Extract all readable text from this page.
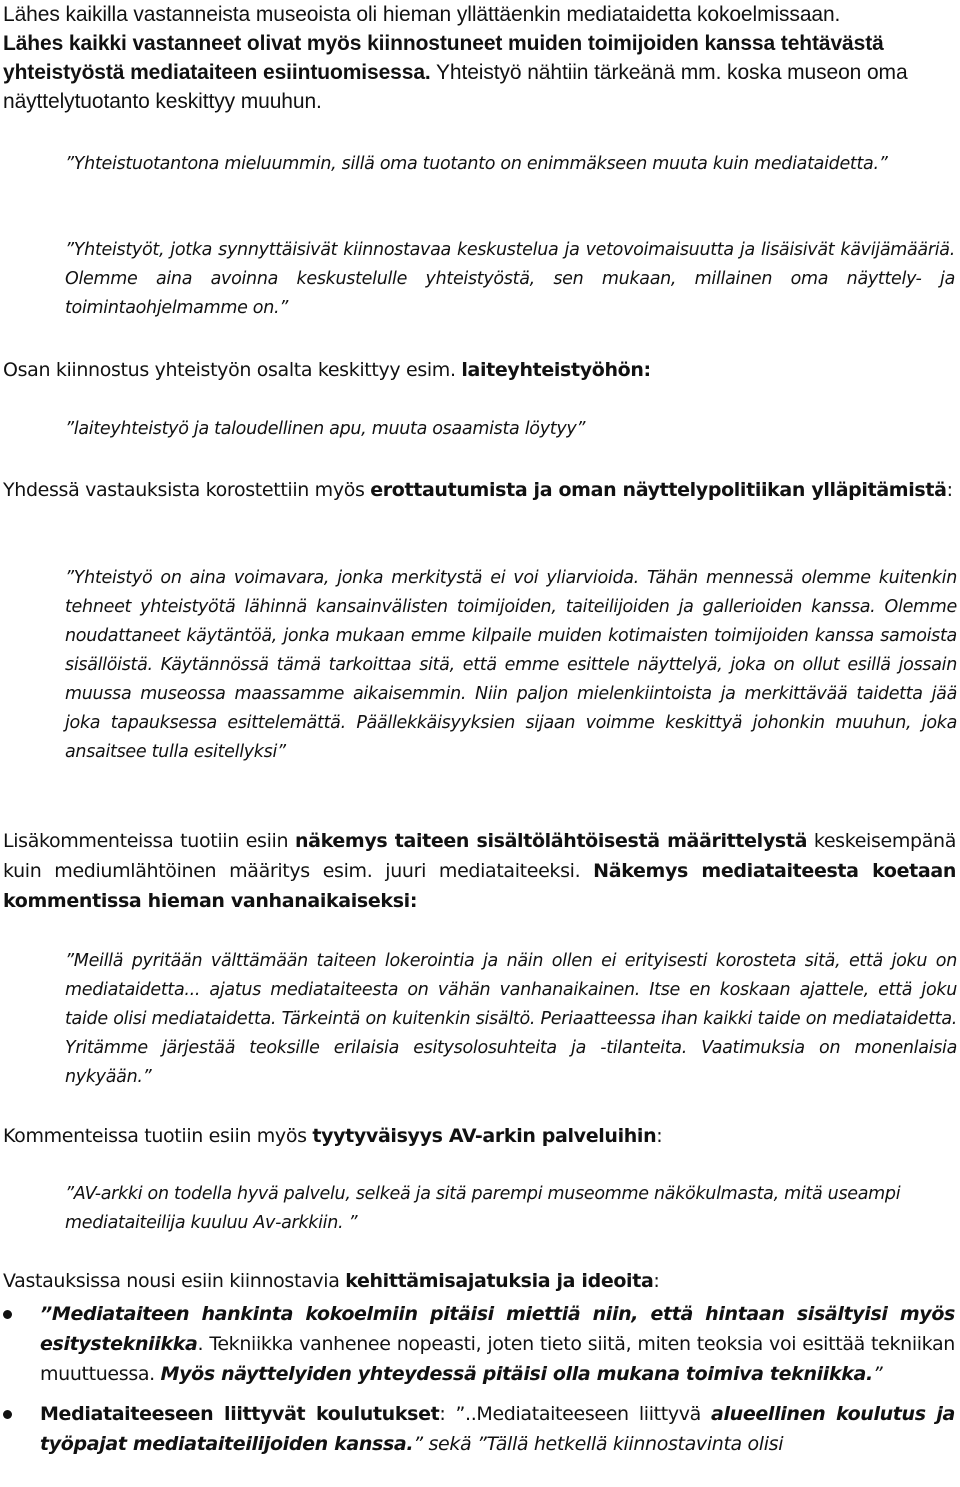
Lähes kaikilla vastanneista museoista oli hieman yllättäenkin mediataidetta kokoelmissaan.
Lähes kaikki vastanneet olivat myös kiinnostuneet muiden toimijoiden kanssa tehtävästä yhteistyöstä mediataiteen esiintuomisessa. Yhteistyö nähtiin tärkeänä mm. koska museon oma näyttelytuotanto keskittyy muuhun.

”Yhteistuotantona mieluummin, sillä oma tuotanto on enimmäkseen muuta kuin mediataidetta.”

”Yhteistyöt, jotka synnyttäisivät kiinnostavaa keskustelua ja vetovoimaisuutta ja lisäisivät kävijämääriä. Olemme aina avoinna keskustelulle yhteistyöstä, sen mukaan, millainen oma näyttely- ja toimintaohjelmamme on.”

Osan kiinnostus yhteistyön osalta keskittyy esim. laiteyhteistyöhön:

”laiteyhteistyö ja taloudellinen apu, muuta osaamista löytyy”

Yhdessä vastauksista korostettiin myös erottautumista ja oman näyttelypolitiikan ylläpitämistä:

”Yhteistyö on aina voimavara, jonka merkitystä ei voi yliarvioida. Tähän mennessä olemme kuitenkin tehneet yhteistyötä lähinnä kansainvälisten toimijoiden, taiteilijoiden ja gallerioiden kanssa. Olemme noudattaneet käytäntöä, jonka mukaan emme kilpaile muiden kotimaisten toimijoiden kanssa samoista sisällöistä. Käytännössä tämä tarkoittaa sitä, että emme esittele näyttelyä, joka on ollut esillä jossain muussa museossa maassamme aikaisemmin. Niin paljon mielenkiintoista ja merkittävää taidetta jää joka tapauksessa esittelemättä. Päällekkäisyyksien sijaan voimme keskittyä johonkin muuhun, joka ansaitsee tulla esitellyksi”

Lisäkommenteissa tuotiin esiin näkemys taiteen sisältölähtöisestä määrittelystä keskeisempänä kuin mediumlähtöinen määritys esim. juuri mediataiteeksi. Näkemys mediataiteesta koetaan kommentissa hieman vanhanaikaiseksi:

”Meillä pyritään välttämään taiteen lokerointia ja näin ollen ei erityisesti korosteta sitä, että joku on mediataidetta... ajatus mediataiteesta on vähän vanhanaikainen. Itse en koskaan ajattele, että joku taide olisi mediataidetta. Tärkeintä on kuitenkin sisältö. Periaatteessa ihan kaikki taide on mediataidetta. Yritämme järjestää teoksille erilaisia esitysolosuhteita ja -tilanteita. Vaatimuksia on monenlaisia nykyään.”

Kommenteissa tuotiin esiin myös tyytyväisyys AV-arkin palveluihin:

”AV-arkki on todella hyvä palvelu, selkeä ja sitä parempi museomme näkökulmasta, mitä useampi mediataiteilija kuuluu Av-arkkiin. ”

Vastauksissa nousi esiin kiinnostavia kehittämisajatuksia ja ideoita:

”Mediataiteen hankinta kokoelmiin pitäisi miettiä niin, että hintaan sisältyisi myös esitystekniikka. Tekniikka vanhenee nopeasti, joten tieto siitä, miten teoksia voi esittää tekniikan muuttuessa. Myös näyttelyiden yhteydessä pitäisi olla mukana toimiva tekniikka.”
Mediataiteeseen liittyvät koulutukset: ”..Mediataiteeseen liittyvä alueellinen koulutus ja työpajat mediataiteilijoiden kanssa.” sekä ”Tällä hetkellä kiinnostavinta olisi
